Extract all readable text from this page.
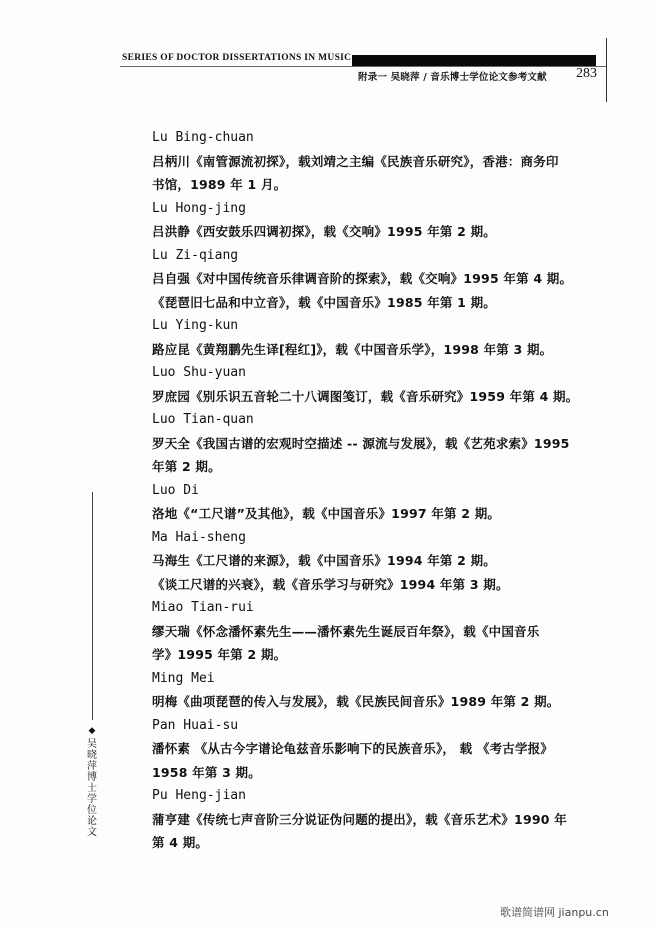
SERIES OF DOCTOR DISSERTATIONS IN MUSIC
附录一 吴晓萍 / 音乐博士学位论文参考文献 283
Lu Bing-chuan
吕柄川《南管源流初探》，载刘靖之主编《民族音乐研究》，香港：商务印
书馆，1989 年 1 月。
Lu Hong-jing
吕洪静《西安鼓乐四调初探》，载《交响》1995 年第 2 期。
Lu Zi-qiang
吕自强《对中国传统音乐律调音阶的探索》，载《交响》1995 年第 4 期。
《琵琶旧七品和中立音》，载《中国音乐》1985 年第 1 期。
Lu Ying-kun
路应昆《黄翔鹏先生译[程红]》，载《中国音乐学》，1998 年第 3 期。
Luo Shu-yuan
罗庶园《别乐识五音轮二十八调图笺订，载《音乐研究》1959 年第 4 期。
Luo Tian-quan
罗天全《我国古谱的宏观时空描述 -- 源流与发展》，载《艺苑求索》1995
年第 2 期。
Luo Di
洛地《“工尺谱”及其他》，载《中国音乐》1997 年第 2 期。
Ma Hai-sheng
马海生《工尺谱的来源》，载《中国音乐》1994 年第 2 期。
《谈工尺谱的兴衰》，载《音乐学习与研究》1994 年第 3 期。
Miao Tian-rui
缪天瑞《怀念潘怀素先生——潘怀素先生诞辰百年祭》，载《中国音乐
学》1995 年第 2 期。
Ming Mei
明梅《曲项琵琶的传入与发展》，载《民族民间音乐》1989 年第 2 期。
Pan Huai-su
潘怀素 《从古今字谱论龟兹音乐影响下的民族音乐》， 载 《考古学报》
1958 年第 3 期。
Pu Heng-jian
蒲亨建《传统七声音阶三分说证伪问题的提出》，载《音乐艺术》1990 年
第 4 期。
◆
吴晓萍博士学位论文
歌谱简谱网 jianpu.cn
